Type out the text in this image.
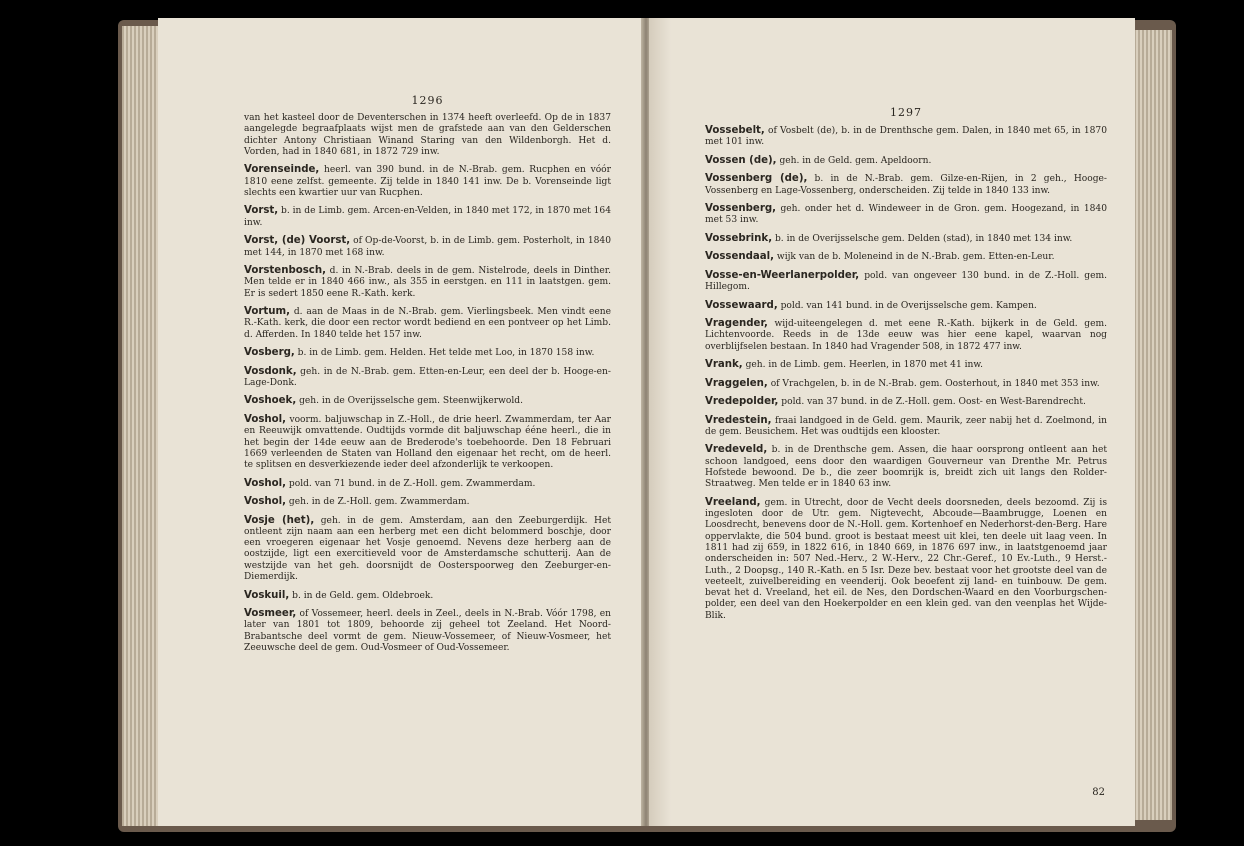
1296

van het kasteel door de Deventerschen in 1374 heeft overleefd. Op de in 1837 aangelegde begraafplaats wijst men de grafstede aan van den Gelderschen dichter Antony Christiaan Winand Staring van den Wildenborgh. Het d. Vorden, had in 1840 681, in 1872 729 inw.

Vorenseinde, heerl. van 390 bund. in de N.-Brab. gem. Rucphen en vóór 1810 eene zelfst. gemeente. Zij telde in 1840 141 inw. De b. Vorenseinde ligt slechts een kwartier uur van Rucphen.

Vorst, b. in de Limb. gem. Arcen-en-Velden, in 1840 met 172, in 1870 met 164 inw.

Vorst, (de) Voorst, of Op-de-Voorst, b. in de Limb. gem. Posterholt, in 1840 met 144, in 1870 met 168 inw.

Vorstenbosch, d. in N.-Brab. deels in de gem. Nistelrode, deels in Dinther. Men telde er in 1840 466 inw., als 355 in eerstgen. en 111 in laatstgen. gem. Er is sedert 1850 eene R.-Kath. kerk.

Vortum, d. aan de Maas in de N.-Brab. gem. Vierlingsbeek. Men vindt eene R.-Kath. kerk, die door een rector wordt bediend en een pontveer op het Limb. d. Afferden. In 1840 telde het 157 inw.

Vosberg, b. in de Limb. gem. Helden. Het telde met Loo, in 1870 158 inw.

Vosdonk, geh. in de N.-Brab. gem. Etten-en-Leur, een deel der b. Hooge-en-Lage-Donk.

Voshoek, geh. in de Overijsselsche gem. Steenwijkerwold.

Voshol, voorm. baljuwschap in Z.-Holl., de drie heerl. Zwammerdam, ter Aar en Reeuwijk omvattende. Oudtijds vormde dit baljuwschap ééne heerl., die in het begin der 14de eeuw aan de Brederode's toebehoorde. Den 18 Februari 1669 verleenden de Staten van Holland den eigenaar het recht, om de heerl. te splitsen en desverkiezende ieder deel afzonderlijk te verkoopen.

Voshol, pold. van 71 bund. in de Z.-Holl. gem. Zwammerdam.

Voshol, geh. in de Z.-Holl. gem. Zwammerdam.

Vosje (het), geh. in de gem. Amsterdam, aan den Zeeburgerdijk. Het ontleent zijn naam aan een herberg met een dicht belommerd boschje, door een vroegeren eigenaar het Vosje genoemd. Nevens deze herberg aan de oostzijde, ligt een exercitieveld voor de Amsterdamsche schutterij. Aan de westzijde van het geh. doorsnijdt de Oosterspoorweg den Zeeburger-en-Diemerdijk.

Voskuil, b. in de Geld. gem. Oldebroek.

Vosmeer, of Vossemeer, heerl. deels in Zeel., deels in N.-Brab. Vóór 1798, en later van 1801 tot 1809, behoorde zij geheel tot Zeeland. Het Noord-Brabantsche deel vormt de gem. Nieuw-Vossemeer, of Nieuw-Vosmeer, het Zeeuwsche deel de gem. Oud-Vosmeer of Oud-Vossemeer.

1297

Vossebelt, of Vosbelt (de), b. in de Drenthsche gem. Dalen, in 1840 met 65, in 1870 met 101 inw.

Vossen (de), geh. in de Geld. gem. Apeldoorn.

Vossenberg (de), b. in de N.-Brab. gem. Gilze-en-Rijen, in 2 geh., Hooge-Vossenberg en Lage-Vossenberg, onderscheiden. Zij telde in 1840 133 inw.

Vossenberg, geh. onder het d. Windeweer in de Gron. gem. Hoogezand, in 1840 met 53 inw.

Vossebrink, b. in de Overijsselsche gem. Delden (stad), in 1840 met 134 inw.

Vossendaal, wijk van de b. Moleneind in de N.-Brab. gem. Etten-en-Leur.

Vosse-en-Weerlanerpolder, pold. van ongeveer 130 bund. in de Z.-Holl. gem. Hillegom.

Vossewaard, pold. van 141 bund. in de Overijsselsche gem. Kampen.

Vragender, wijd-uiteengelegen d. met eene R.-Kath. bijkerk in de Geld. gem. Lichtenvoorde. Reeds in de 13de eeuw was hier eene kapel, waarvan nog overblijfselen bestaan. In 1840 had Vragender 508, in 1872 477 inw.

Vrank, geh. in de Limb. gem. Heerlen, in 1870 met 41 inw.

Vraggelen, of Vrachgelen, b. in de N.-Brab. gem. Oosterhout, in 1840 met 353 inw.

Vredepolder, pold. van 37 bund. in de Z.-Holl. gem. Oost- en West-Barendrecht.

Vredestein, fraai landgoed in de Geld. gem. Maurik, zeer nabij het d. Zoelmond, in de gem. Beusichem. Het was oudtijds een klooster.

Vredeveld, b. in de Drenthsche gem. Assen, die haar oorsprong ontleent aan het schoon landgoed, eens door den waardigen Gouverneur van Drenthe Mr. Petrus Hofstede bewoond. De b., die zeer boomrijk is, breidt zich uit langs den Rolder-Straatweg. Men telde er in 1840 63 inw.

Vreeland, gem. in Utrecht, door de Vecht deels doorsneden, deels bezoomd. Zij is ingesloten door de Utr. gem. Nigtevecht, Abcoude—Baambrugge, Loenen en Loosdrecht, benevens door de N.-Holl. gem. Kortenhoef en Nederhorst-den-Berg. Hare oppervlakte, die 504 bund. groot is bestaat meest uit klei, ten deele uit laag veen. In 1811 had zij 659, in 1822 616, in 1840 669, in 1876 697 inw., in laatstgenoemd jaar onderscheiden in: 507 Ned.-Herv., 2 W.-Herv., 22 Chr.-Geref., 10 Ev.-Luth., 9 Herst.-Luth., 2 Doopsg., 140 R.-Kath. en 5 Isr. Deze bev. bestaat voor het grootste deel van de veeteelt, zuivelbereiding en veenderij. Ook beoefent zij land- en tuinbouw. De gem. bevat het d. Vreeland, het eil. de Nes, den Dordschen-Waard en den Voorburgschen-polder, een deel van den Hoekerpolder en een klein ged. van den veenplas het Wijde-Blik.

82
